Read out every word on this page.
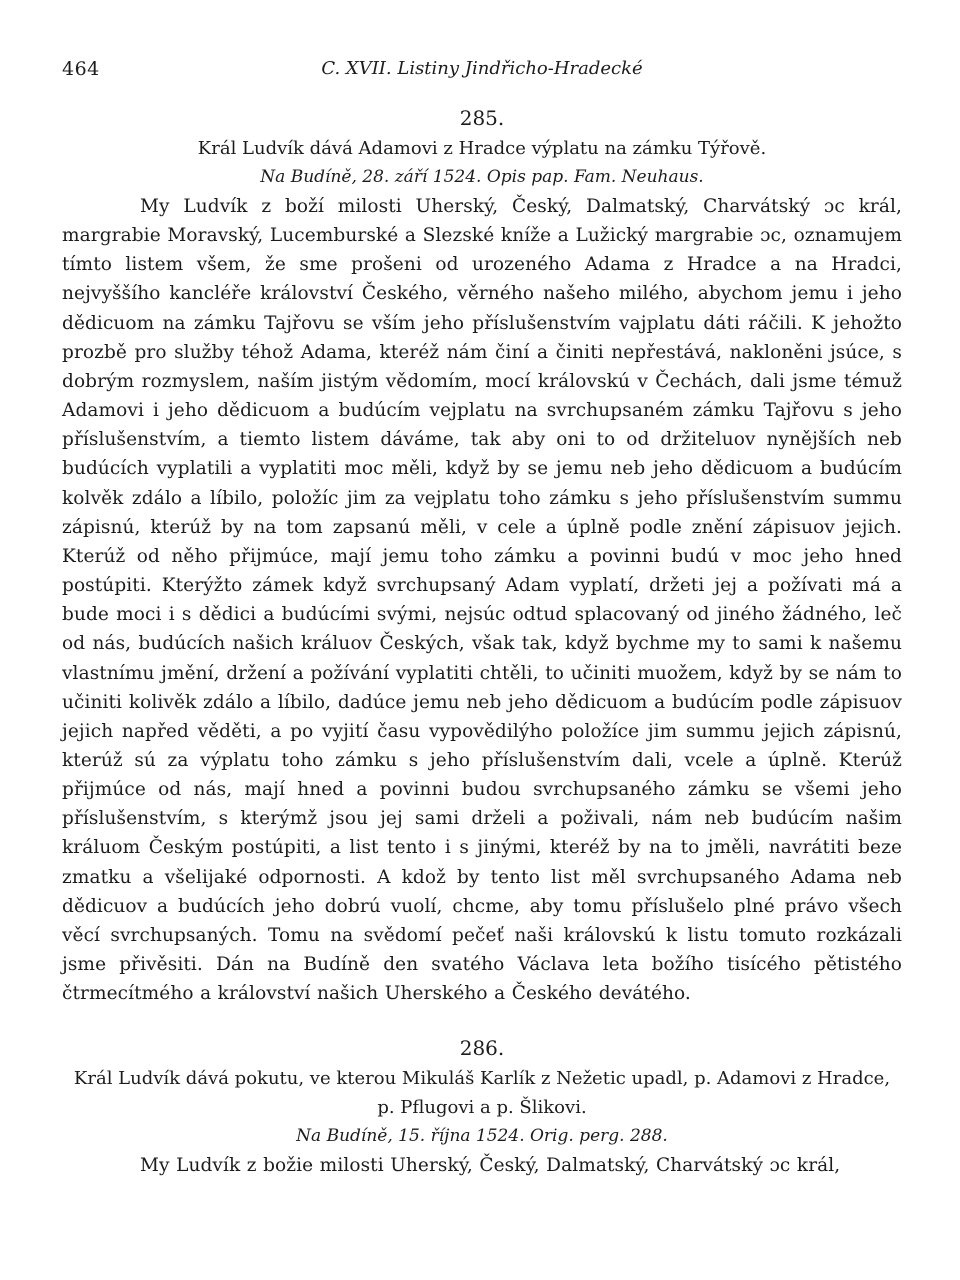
464	C. XVII. Listiny Jindřicho-Hradecké
285.
Král Ludvík dává Adamovi z Hradce výplatu na zámku Týřově.
Na Budíně, 28. září 1524. Opis pap. Fam. Neuhaus.

My Ludvík z boží milosti Uherský, Český, Dalmatský, Charvátský ɔc král, margrabie Moravský, Lucemburské a Slezské kníže a Lužický margrabie ɔc, oznamujem tímto listem všem, že sme prošeni od urozeného Adama z Hradce a na Hradci, nejvyššího kancléře království Českého, věrného našeho milého, abychom jemu i jeho dědicuom na zámku Tajřovu se vším jeho příslušenstvím vajplatu dáti ráčili. K jehožto prozbě pro služby téhož Adama, kteréž nám činí a činiti nepřestává, nakloněni jsúce, s dobrým rozmyslem, naším jistým vědomím, mocí královskú v Čechách, dali jsme témuž Adamovi i jeho dědicuom a budúcím vejplatu na svrchupsaném zámku Tajřovu s jeho příslušenstvím, a tiemto listem dáváme, tak aby oni to od držiteluov nynějších neb budúcích vyplatili a vyplatiti moc měli, když by se jemu neb jeho dědicuom a budúcím kolvěk zdálo a líbilo, položíc jim za vejplatu toho zámku s jeho příslušenstvím summu zápisnú, kterúž by na tom zapsanú měli, v cele a úplně podle znění zápisuov jejich. Kterúž od něho přijmúce, mají jemu toho zámku a povinni budú v moc jeho hned postúpiti. Kterýžto zámek když svrchupsaný Adam vyplatí, držeti jej a požívati má a bude moci i s dědici a budúcími svými, nejsúc odtud splacovaný od jiného žádného, leč od nás, budúcích našich králuov Českých, však tak, když bychme my to sami k našemu vlastnímu jmění, držení a požívání vyplatiti chtěli, to učiniti muožem, když by se nám to učiniti kolivěk zdálo a líbilo, dadúce jemu neb jeho dědicuom a budúcím podle zápisuov jejich napřed věděti, a po vyjití času vypovědilýho položíce jim summu jejich zápisnú, kterúž sú za výplatu toho zámku s jeho příslušenstvím dali, vcele a úplně. Kterúž přijmúce od nás, mají hned a povinni budou svrchupsaného zámku se všemi jeho příslušenstvím, s kterýmž jsou jej sami drželi a poživali, nám neb budúcím našim králuom Českým postúpiti, a list tento i s jinými, kteréž by na to jměli, navrátiti beze zmatku a všelijaké odpornosti. A kdož by tento list měl svrchupsaného Adama neb dědicuov a budúcích jeho dobrú vuolí, chcme, aby tomu příslušelo plné právo všech věcí svrchupsaných. Tomu na svědomí pečeť naši královskú k listu tomuto rozkázali jsme přivěsiti. Dán na Budíně den svatého Václava leta božího tisícého pětistého čtrmecítmého a království našich Uherského a Českého devátého.

286.
Král Ludvík dává pokutu, ve kterou Mikuláš Karlík z Nežetic upadl, p. Adamovi z Hradce,
p. Pflugovi a p. Šlikovi.
Na Budíně, 15. října 1524. Orig. perg. 288.

My Ludvík z božie milosti Uherský, Český, Dalmatský, Charvátský ɔc král,
